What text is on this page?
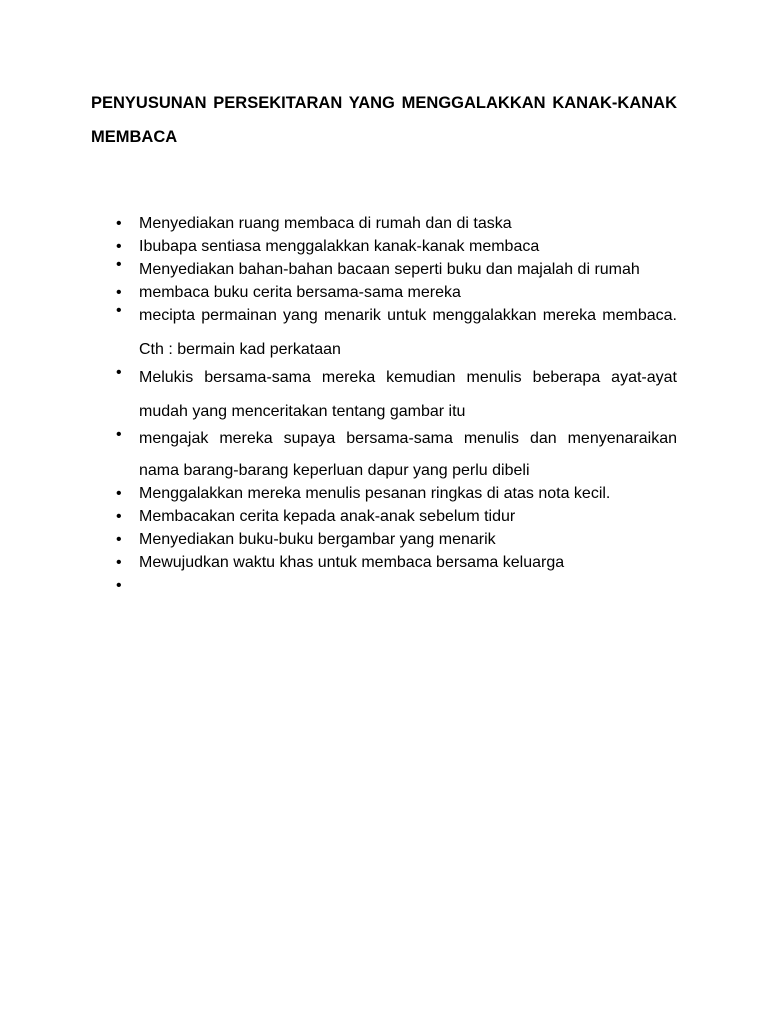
PENYUSUNAN PERSEKITARAN YANG MENGGALAKKAN KANAK-KANAK MEMBACA

• Menyediakan ruang membaca di rumah dan di taska
• Ibubapa sentiasa menggalakkan kanak-kanak membaca
• Menyediakan bahan-bahan bacaan seperti buku dan majalah di rumah
• membaca buku cerita bersama-sama mereka
• mecipta permainan yang menarik untuk menggalakkan mereka membaca. Cth : bermain kad perkataan
• Melukis bersama-sama mereka kemudian menulis beberapa ayat-ayat mudah yang menceritakan tentang gambar itu
• mengajak mereka supaya bersama-sama menulis dan menyenaraikan nama barang-barang keperluan dapur yang perlu dibeli
• Menggalakkan mereka menulis pesanan ringkas di atas nota kecil.
• Membacakan cerita kepada anak-anak sebelum tidur
• Menyediakan buku-buku bergambar yang menarik
• Mewujudkan waktu khas untuk membaca bersama keluarga
•
